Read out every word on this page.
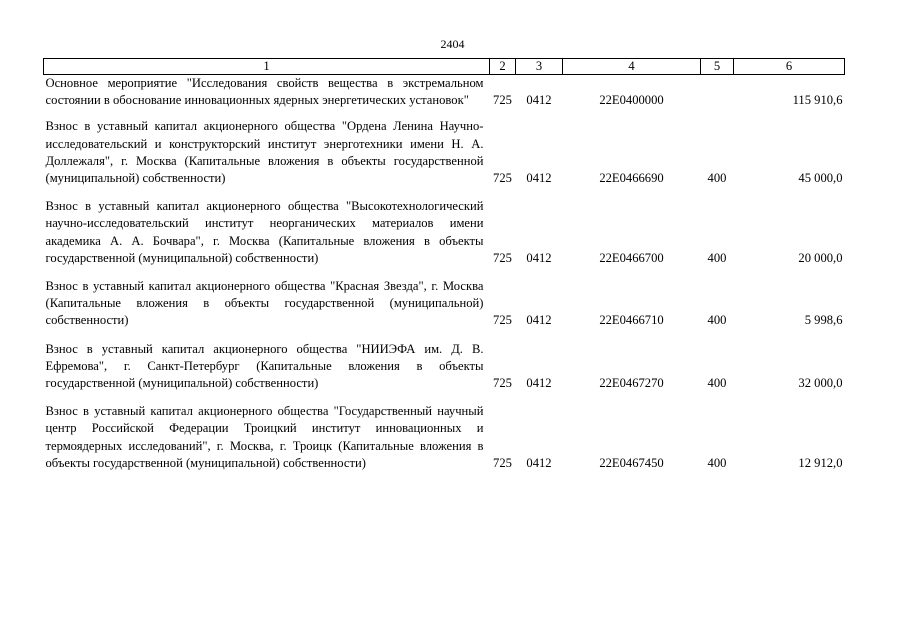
2404
1	2	3	4	5	6
Основное мероприятие "Исследования свойств вещества в экстремальном состоянии в обоснование инновационных ядерных энергетических установок"	725	0412	22Е0400000		115 910,6
Взнос в уставный капитал акционерного общества "Ордена Ленина Научно-исследовательский и конструкторский институт энерготехники имени Н. А. Доллежаля", г. Москва (Капитальные вложения в объекты государственной (муниципальной) собственности)	725	0412	22Е0466690	400	45 000,0
Взнос в уставный капитал акционерного общества "Высокотехнологический научно-исследовательский институт неорганических материалов имени академика А. А. Бочвара", г. Москва (Капитальные вложения в объекты государственной (муниципальной) собственности)	725	0412	22Е0466700	400	20 000,0
Взнос в уставный капитал акционерного общества "Красная Звезда", г. Москва (Капитальные вложения в объекты государственной (муниципальной) собственности)	725	0412	22Е0466710	400	5 998,6
Взнос в уставный капитал акционерного общества "НИИЭФА им. Д. В. Ефремова", г. Санкт-Петербург (Капитальные вложения в объекты государственной (муниципальной) собственности)	725	0412	22Е0467270	400	32 000,0
Взнос в уставный капитал акционерного общества "Государственный научный центр Российской Федерации Троицкий институт инновационных и термоядерных исследований", г. Москва, г. Троицк (Капитальные вложения в объекты государственной (муниципальной) собственности)	725	0412	22Е0467450	400	12 912,0
